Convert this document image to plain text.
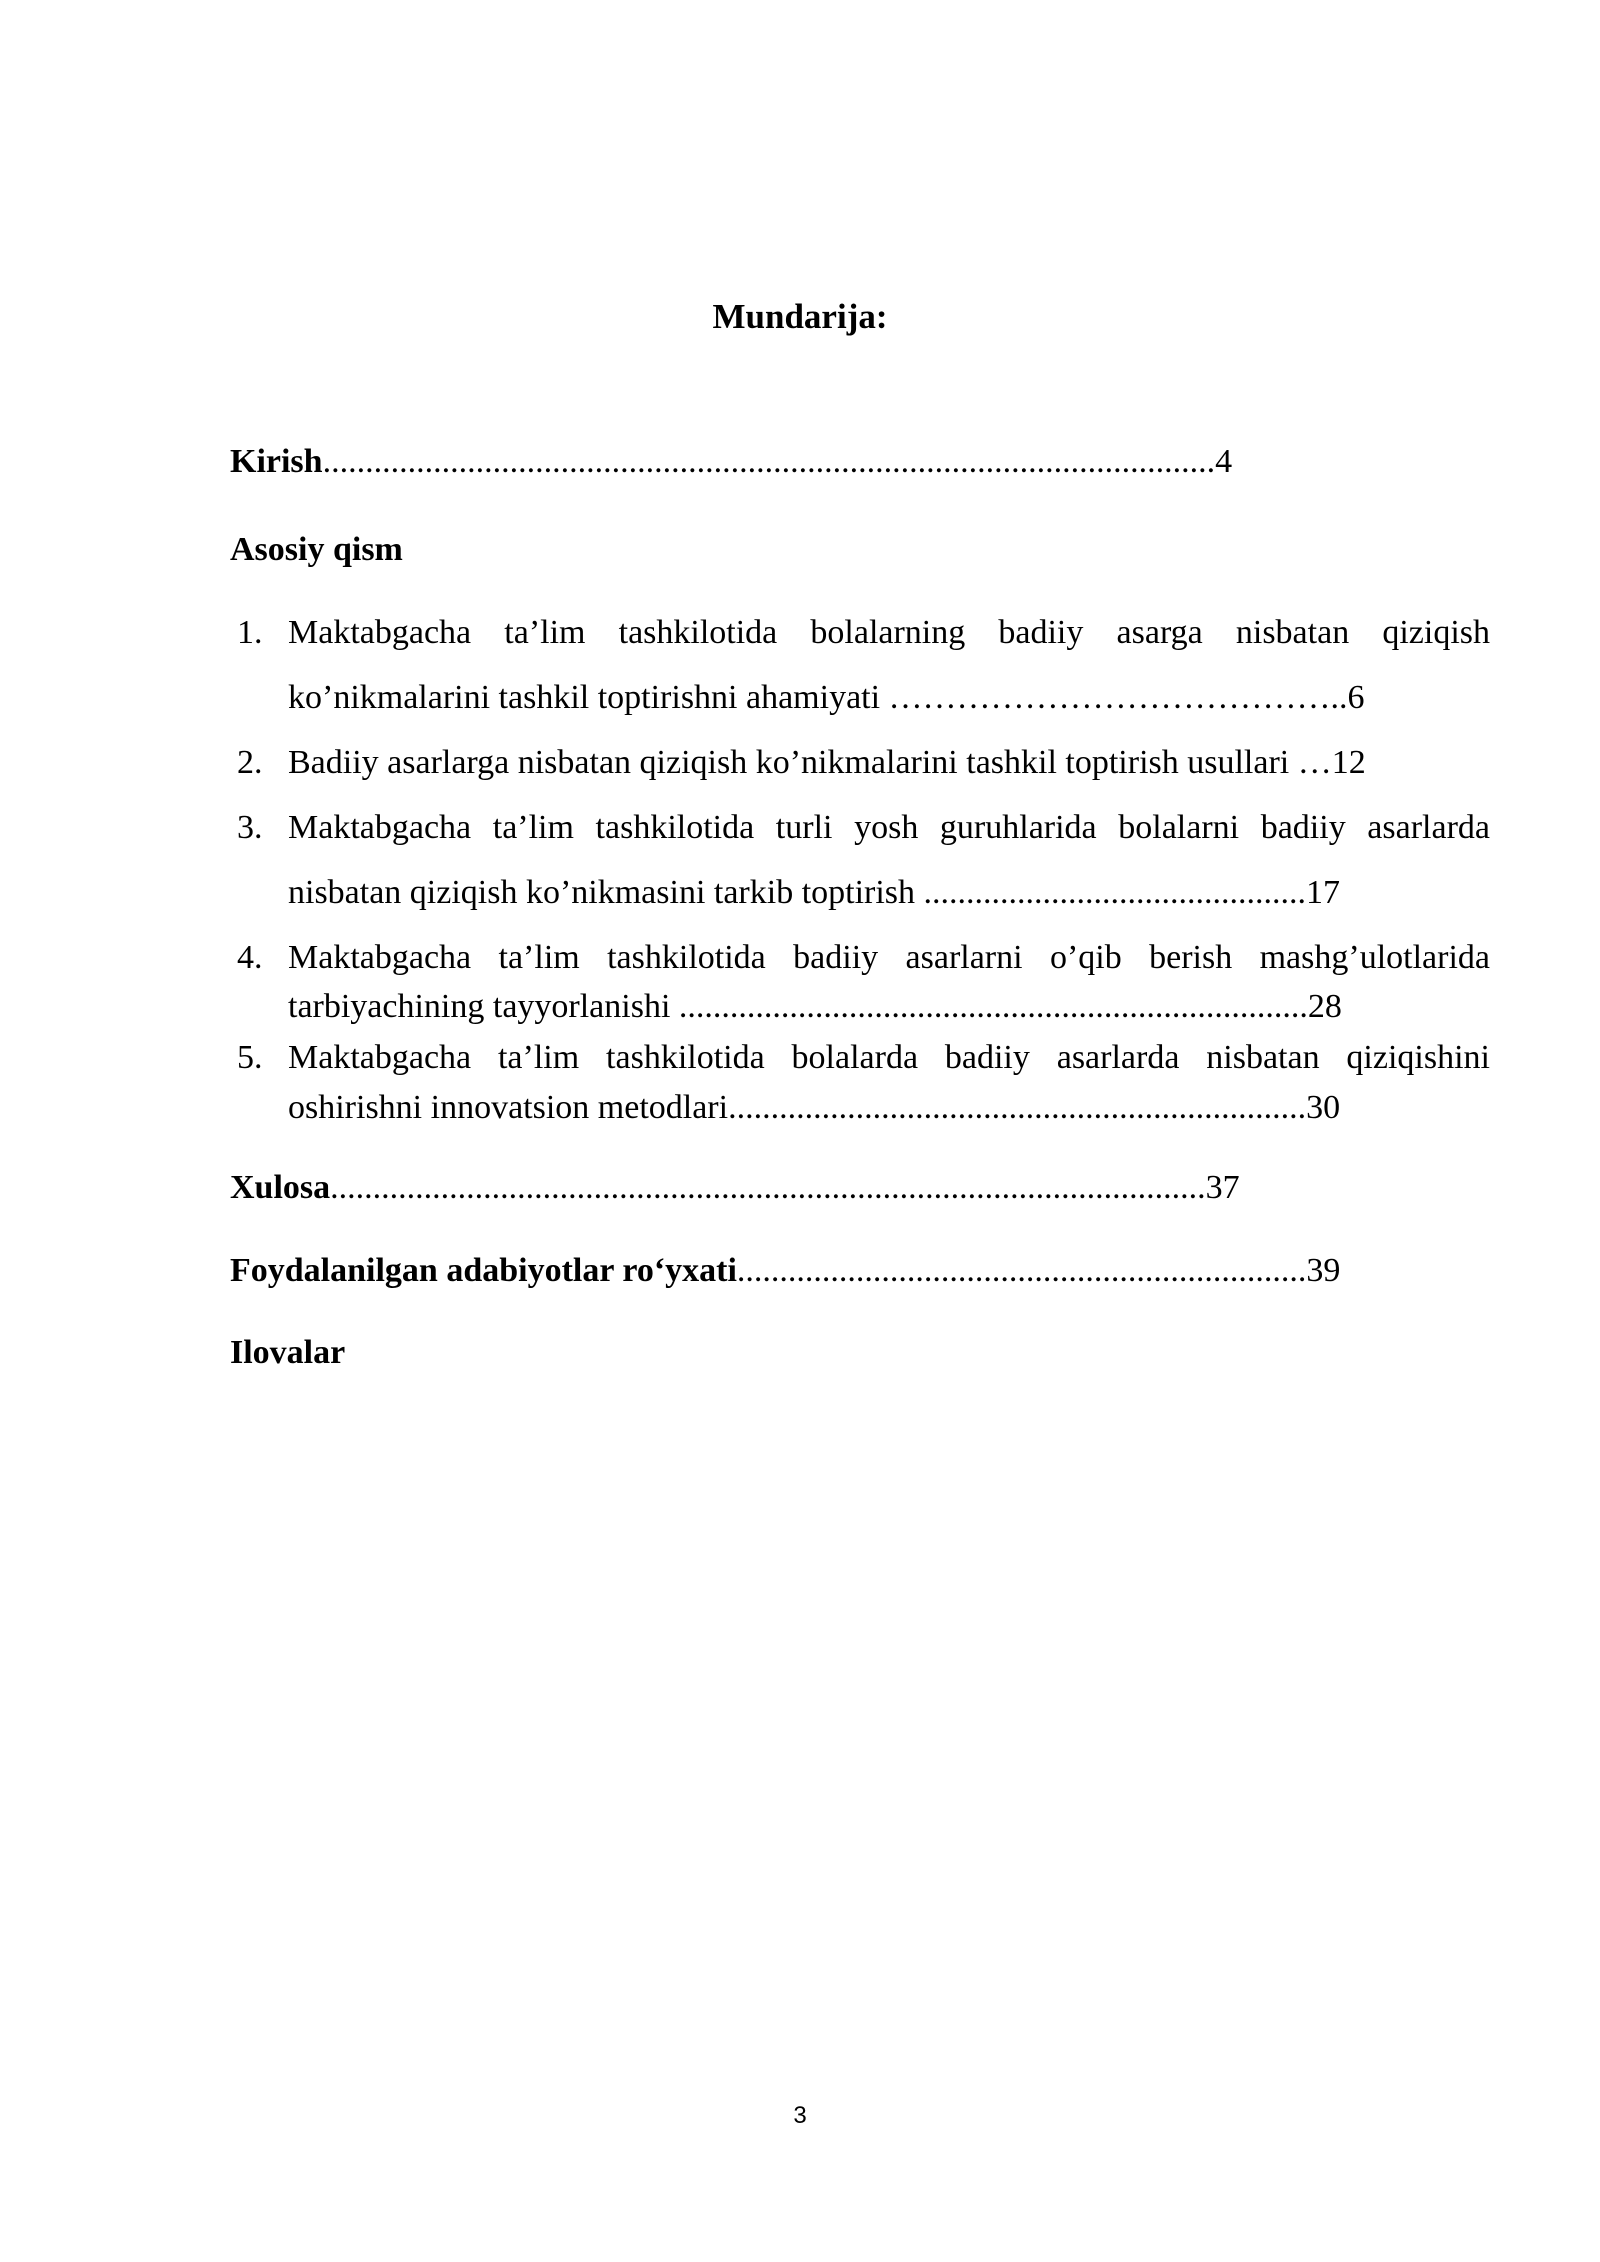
Mundarija:
Kirish.........................................................................................................4
Asosiy qism
1. Maktabgacha ta’lim tashkilotida bolalarning badiiy asarga nisbatan qiziqish
ko’nikmalarini tashkil toptirishni ahamiyati …………………………………..6
2. Badiiy asarlarga nisbatan qiziqish ko’nikmalarini tashkil toptirish usullari …12
3. Maktabgacha ta’lim tashkilotida turli yosh guruhlarida bolalarni badiiy asarlarda
nisbatan qiziqish ko’nikmasini tarkib toptirish .............................................17
4. Maktabgacha ta’lim tashkilotida badiiy asarlarni o’qib berish mashg’ulotlarida
tarbiyachining tayyorlanishi ..........................................................................28
5. Maktabgacha ta’lim tashkilotida bolalarda badiiy asarlarda nisbatan qiziqishini
oshirishni innovatsion metodlari....................................................................30
Xulosa.......................................................................................................37
Foydalanilgan adabiyotlar ro‘yxati...................................................................39
Ilovalar
3
